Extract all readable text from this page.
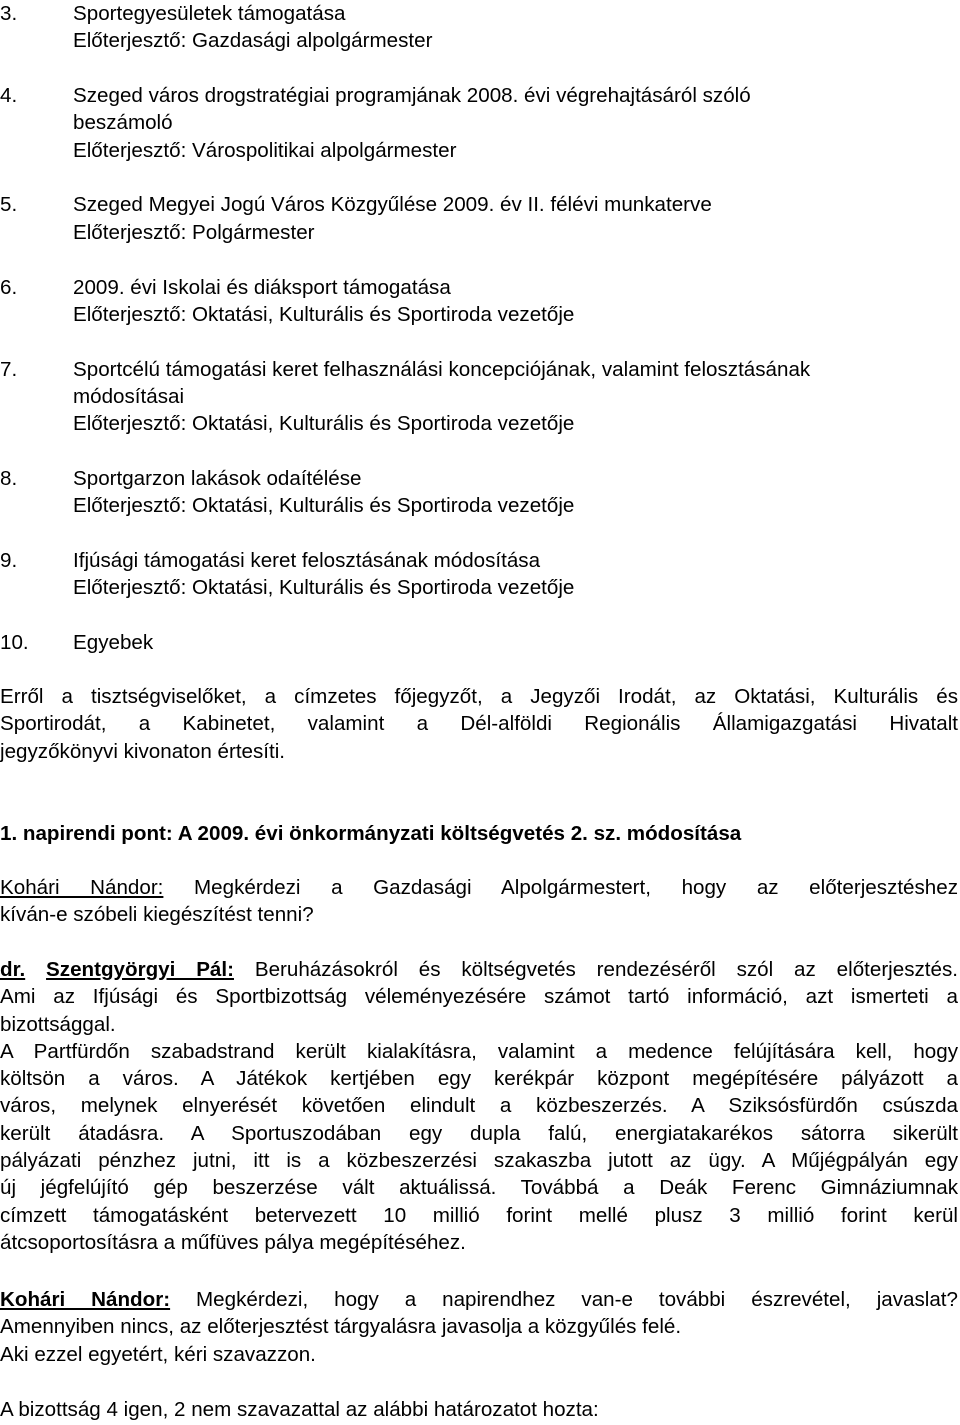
3.	Sportegyesületek támogatása
Előterjesztő: Gazdasági alpolgármester
4.	Szeged város drogstratégiai programjának 2008. évi végrehajtásáról szóló
beszámoló
Előterjesztő: Várospolitikai alpolgármester
5.	Szeged Megyei Jogú Város Közgyűlése 2009. év II. félévi munkaterve
Előterjesztő: Polgármester
6.	2009. évi Iskolai és diáksport támogatása
Előterjesztő: Oktatási, Kulturális és Sportiroda vezetője
7.	Sportcélú támogatási keret felhasználási koncepciójának, valamint felosztásának
módosításai
Előterjesztő: Oktatási, Kulturális és Sportiroda vezetője
8.	Sportgarzon lakások odaítélése
Előterjesztő: Oktatási, Kulturális és Sportiroda vezetője
9.	Ifjúsági támogatási keret felosztásának módosítása
Előterjesztő: Oktatási, Kulturális és Sportiroda vezetője
10.	Egyebek
Erről a tisztségviselőket, a címzetes főjegyzőt, a Jegyzői Irodát, az Oktatási, Kulturális és
Sportirodát, a Kabinetet, valamint a Dél-alföldi Regionális Államigazgatási Hivatalt
jegyzőkönyvi kivonaton értesíti.
1. napirendi pont: A 2009. évi önkormányzati költségvetés 2. sz. módosítása
Kohári Nándor: Megkérdezi a Gazdasági Alpolgármestert, hogy az előterjesztéshez
kíván-e szóbeli kiegészítést tenni?
dr. Szentgyörgyi Pál: Beruházásokról és költségvetés rendezéséről szól az előterjesztés.
Ami az Ifjúsági és Sportbizottság véleményezésére számot tartó információ, azt ismerteti a
bizottsággal.
A Partfürdőn szabadstrand került kialakításra, valamint a medence felújítására kell, hogy
költsön a város. A Játékok kertjében egy kerékpár központ megépítésére pályázott a
város, melynek elnyerését követően elindult a közbeszerzés. A Sziksósfürdőn csúszda
került átadásra. A Sportuszodában egy dupla falú, energiatakarékos sátorra sikerült
pályázati pénzhez jutni, itt is a közbeszerzési szakaszba jutott az ügy. A Műjégpályán egy
új jégfelújító gép beszerzése vált aktuálissá. Továbbá a Deák Ferenc Gimnáziumnak
címzett támogatásként betervezett 10 millió forint mellé plusz 3 millió forint kerül
átcsoportosításra a műfüves pálya megépítéséhez.
Kohári Nándor: Megkérdezi, hogy a napirendhez van-e további észrevétel, javaslat?
Amennyiben nincs, az előterjesztést tárgyalásra javasolja a közgyűlés felé.
Aki ezzel egyetért, kéri szavazzon.
A bizottság 4 igen, 2 nem szavazattal az alábbi határozatot hozta:
